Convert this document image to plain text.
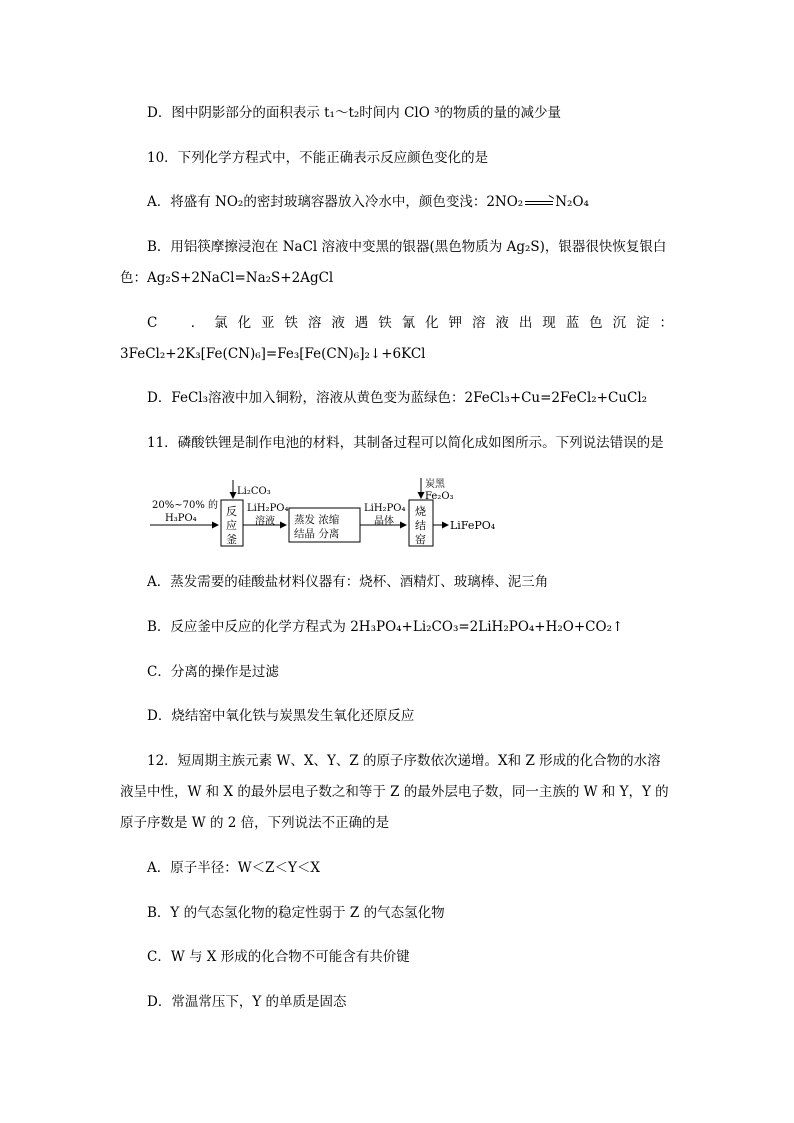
D．图中阴影部分的面积表示 t₁～t₂时间内 ClO ³的物质的量的减少量
10．下列化学方程式中，不能正确表示反应颜色变化的是
A．将盛有 NO₂的密封玻璃容器放入冷水中，颜色变浅：2NO₂ → N₂O₄
B．用铝筷摩擦浸泡在 NaCl 溶液中变黑的银器(黑色物质为 Ag₂S)，银器很快恢复银白
色：Ag₂S+2NaCl=Na₂S+2AgCl
C　．氯化亚铁溶液遇铁氰化钾溶液出现蓝色沉淀：
3FeCl₂+2K₃[Fe(CN)₆]=Fe₃[Fe(CN)₆]₂↓+6KCl
D．FeCl₃溶液中加入铜粉，溶液从黄色变为蓝绿色：2FeCl₃+Cu=2FeCl₂+CuCl₂
11．磷酸铁锂是制作电池的材料，其制备过程可以简化成如图所示。下列说法错误的是
20%~70% 的
H₃PO₄
Li₂CO₃
反
应
釜
LiH₂PO₄
溶液 蒸发 浓缩
结晶 分离
LiH₂PO₄
晶体
炭黑
Fe₂O₃
烧
结
窑
LiFePO₄
A．蒸发需要的硅酸盐材料仪器有：烧杯、酒精灯、玻璃棒、泥三角
B．反应釜中反应的化学方程式为 2H₃PO₄+Li₂CO₃=2LiH₂PO₄+H₂O+CO₂↑
C．分离的操作是过滤
D．烧结窑中氧化铁与炭黑发生氧化还原反应
12．短周期主族元素 W、X、Y、Z 的原子序数依次递增。X和 Z 形成的化合物的水溶
液呈中性，W 和 X 的最外层电子数之和等于 Z 的最外层电子数，同一主族的 W 和 Y，Y 的
原子序数是 W 的 2 倍，下列说法不正确的是
A．原子半径：W＜Z＜Y＜X
B．Y 的气态氢化物的稳定性弱于 Z 的气态氢化物
C．W 与 X 形成的化合物不可能含有共价键
D．常温常压下，Y 的单质是固态
